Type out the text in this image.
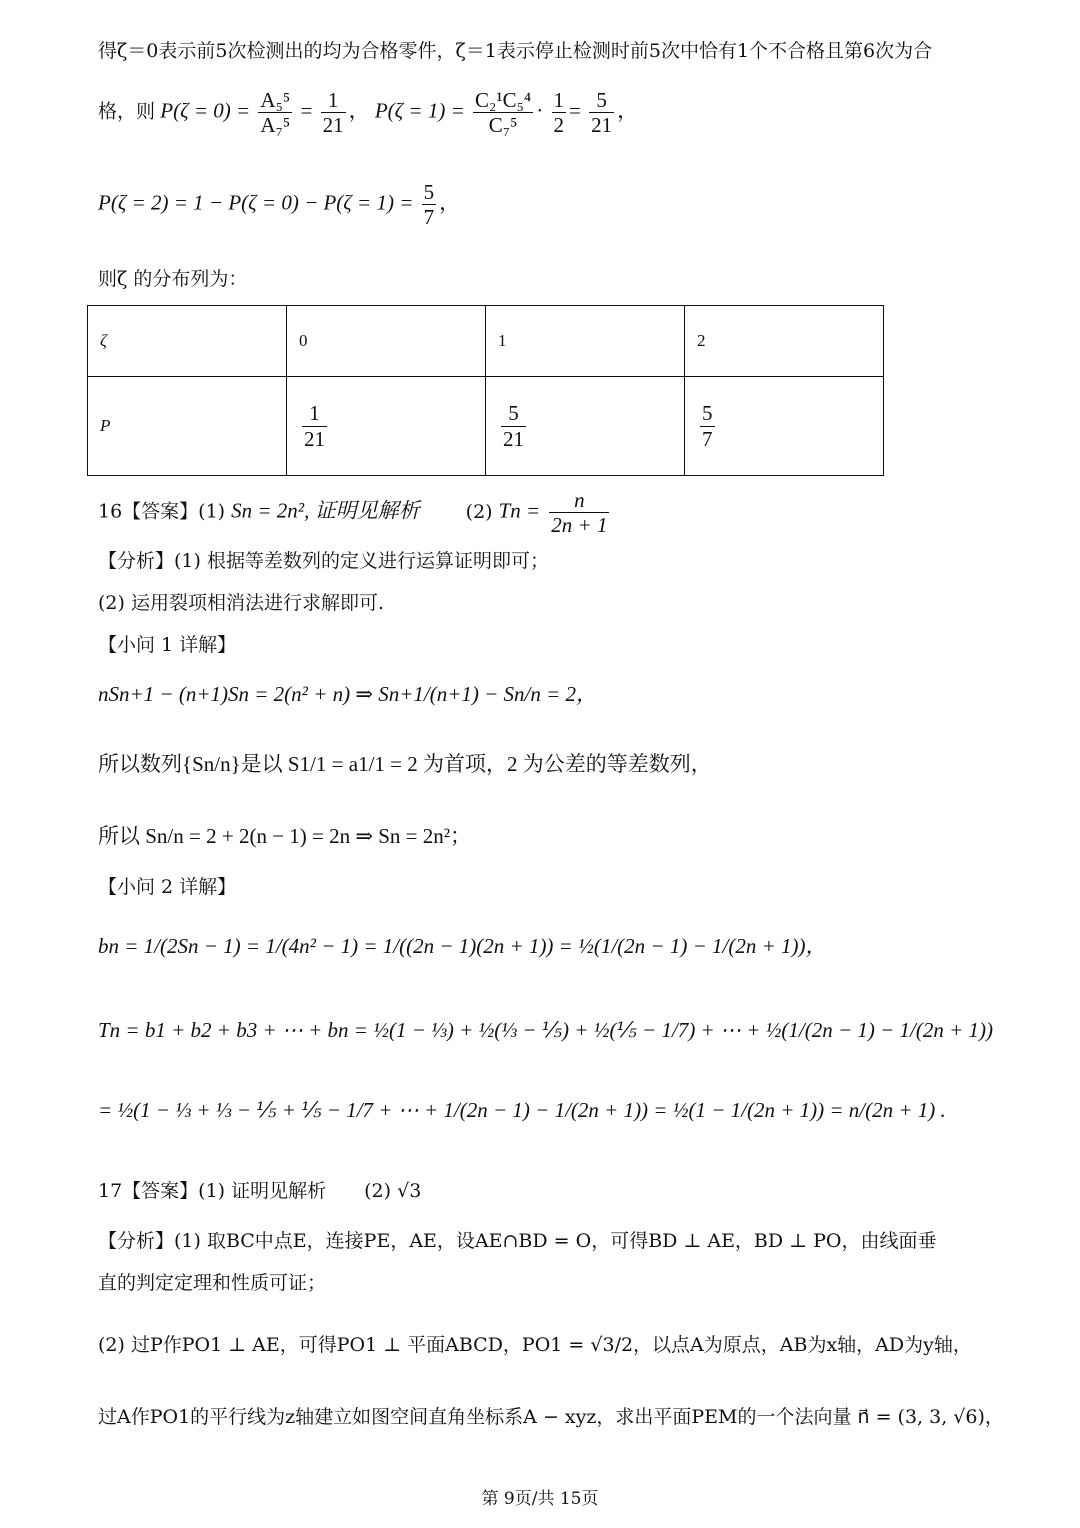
得ζ＝0表示前5次检测出的均为合格零件，ζ＝1表示停止检测时前5次中恰有1个不合格且第6次为合
格，则 $P(\zeta = 0) = \frac{\text{A₅⁵}}{\text{A₇⁵}} = \frac{1}{21}$ ， $P(\zeta = 1) = \frac{\text{C₂¹C₅⁴}}{\text{C₇⁵}} \cdot \frac{1}{2} = \frac{5}{21}$ ，
$P(\zeta = 2) = 1 - P(\zeta = 0) - P(\zeta = 1) = \frac{5}{7}$ ，
则ζ 的分布列为：
ζ	0	1	2
P	$\frac{1}{21}$	$\frac{5}{21}$	$\frac{5}{7}$
16【答案】(1) Sn = 2n², 证明见解析 (2) $Tn = \frac{n}{2n + 1}$
【分析】(1) 根据等差数列的定义进行运算证明即可；
(2) 运用裂项相消法进行求解即可.
【小问 1 详解】
nSn+1 − (n+1)Sn = 2(n² + n) ⇒ Sn+1/(n+1) − Sn/n = 2，
所以数列{Sn/n}是以 S1/1 = a1/1 = 2 为首项，2 为公差的等差数列，
所以 Sn/n = 2 + 2(n − 1) = 2n ⇒ Sn = 2n²；
【小问 2 详解】
bn = 1/(2Sn − 1) = 1/(4n² − 1) = 1/((2n − 1)(2n + 1)) = ½(1/(2n − 1) − 1/(2n + 1))，
Tn = b1 + b2 + b3 + ⋯ + bn = ½(1 − ⅓) + ½(⅓ − ⅕) + ½(⅕ − 1/7) + ⋯ + ½(1/(2n − 1) − 1/(2n + 1))
= ½(1 − ⅓ + ⅓ − ⅕ + ⅕ − 1/7 + ⋯ + 1/(2n − 1) − 1/(2n + 1)) = ½(1 − 1/(2n + 1)) = n/(2n + 1) .
17【答案】(1) 证明见解析　　(2) √3
【分析】(1) 取BC中点E，连接PE，AE，设AE∩BD = O，可得BD ⊥ AE，BD ⊥ PO，由线面垂
直的判定定理和性质可证；
(2) 过P作PO1 ⊥ AE，可得PO1 ⊥ 平面ABCD，PO1 = √3/2，以点A为原点，AB为x轴，AD为y轴，
过A作PO1的平行线为z轴建立如图空间直角坐标系A − xyz，求出平面PEM的一个法向量 n⃗ = (3, 3, √6)，
第 9页/共 15页
